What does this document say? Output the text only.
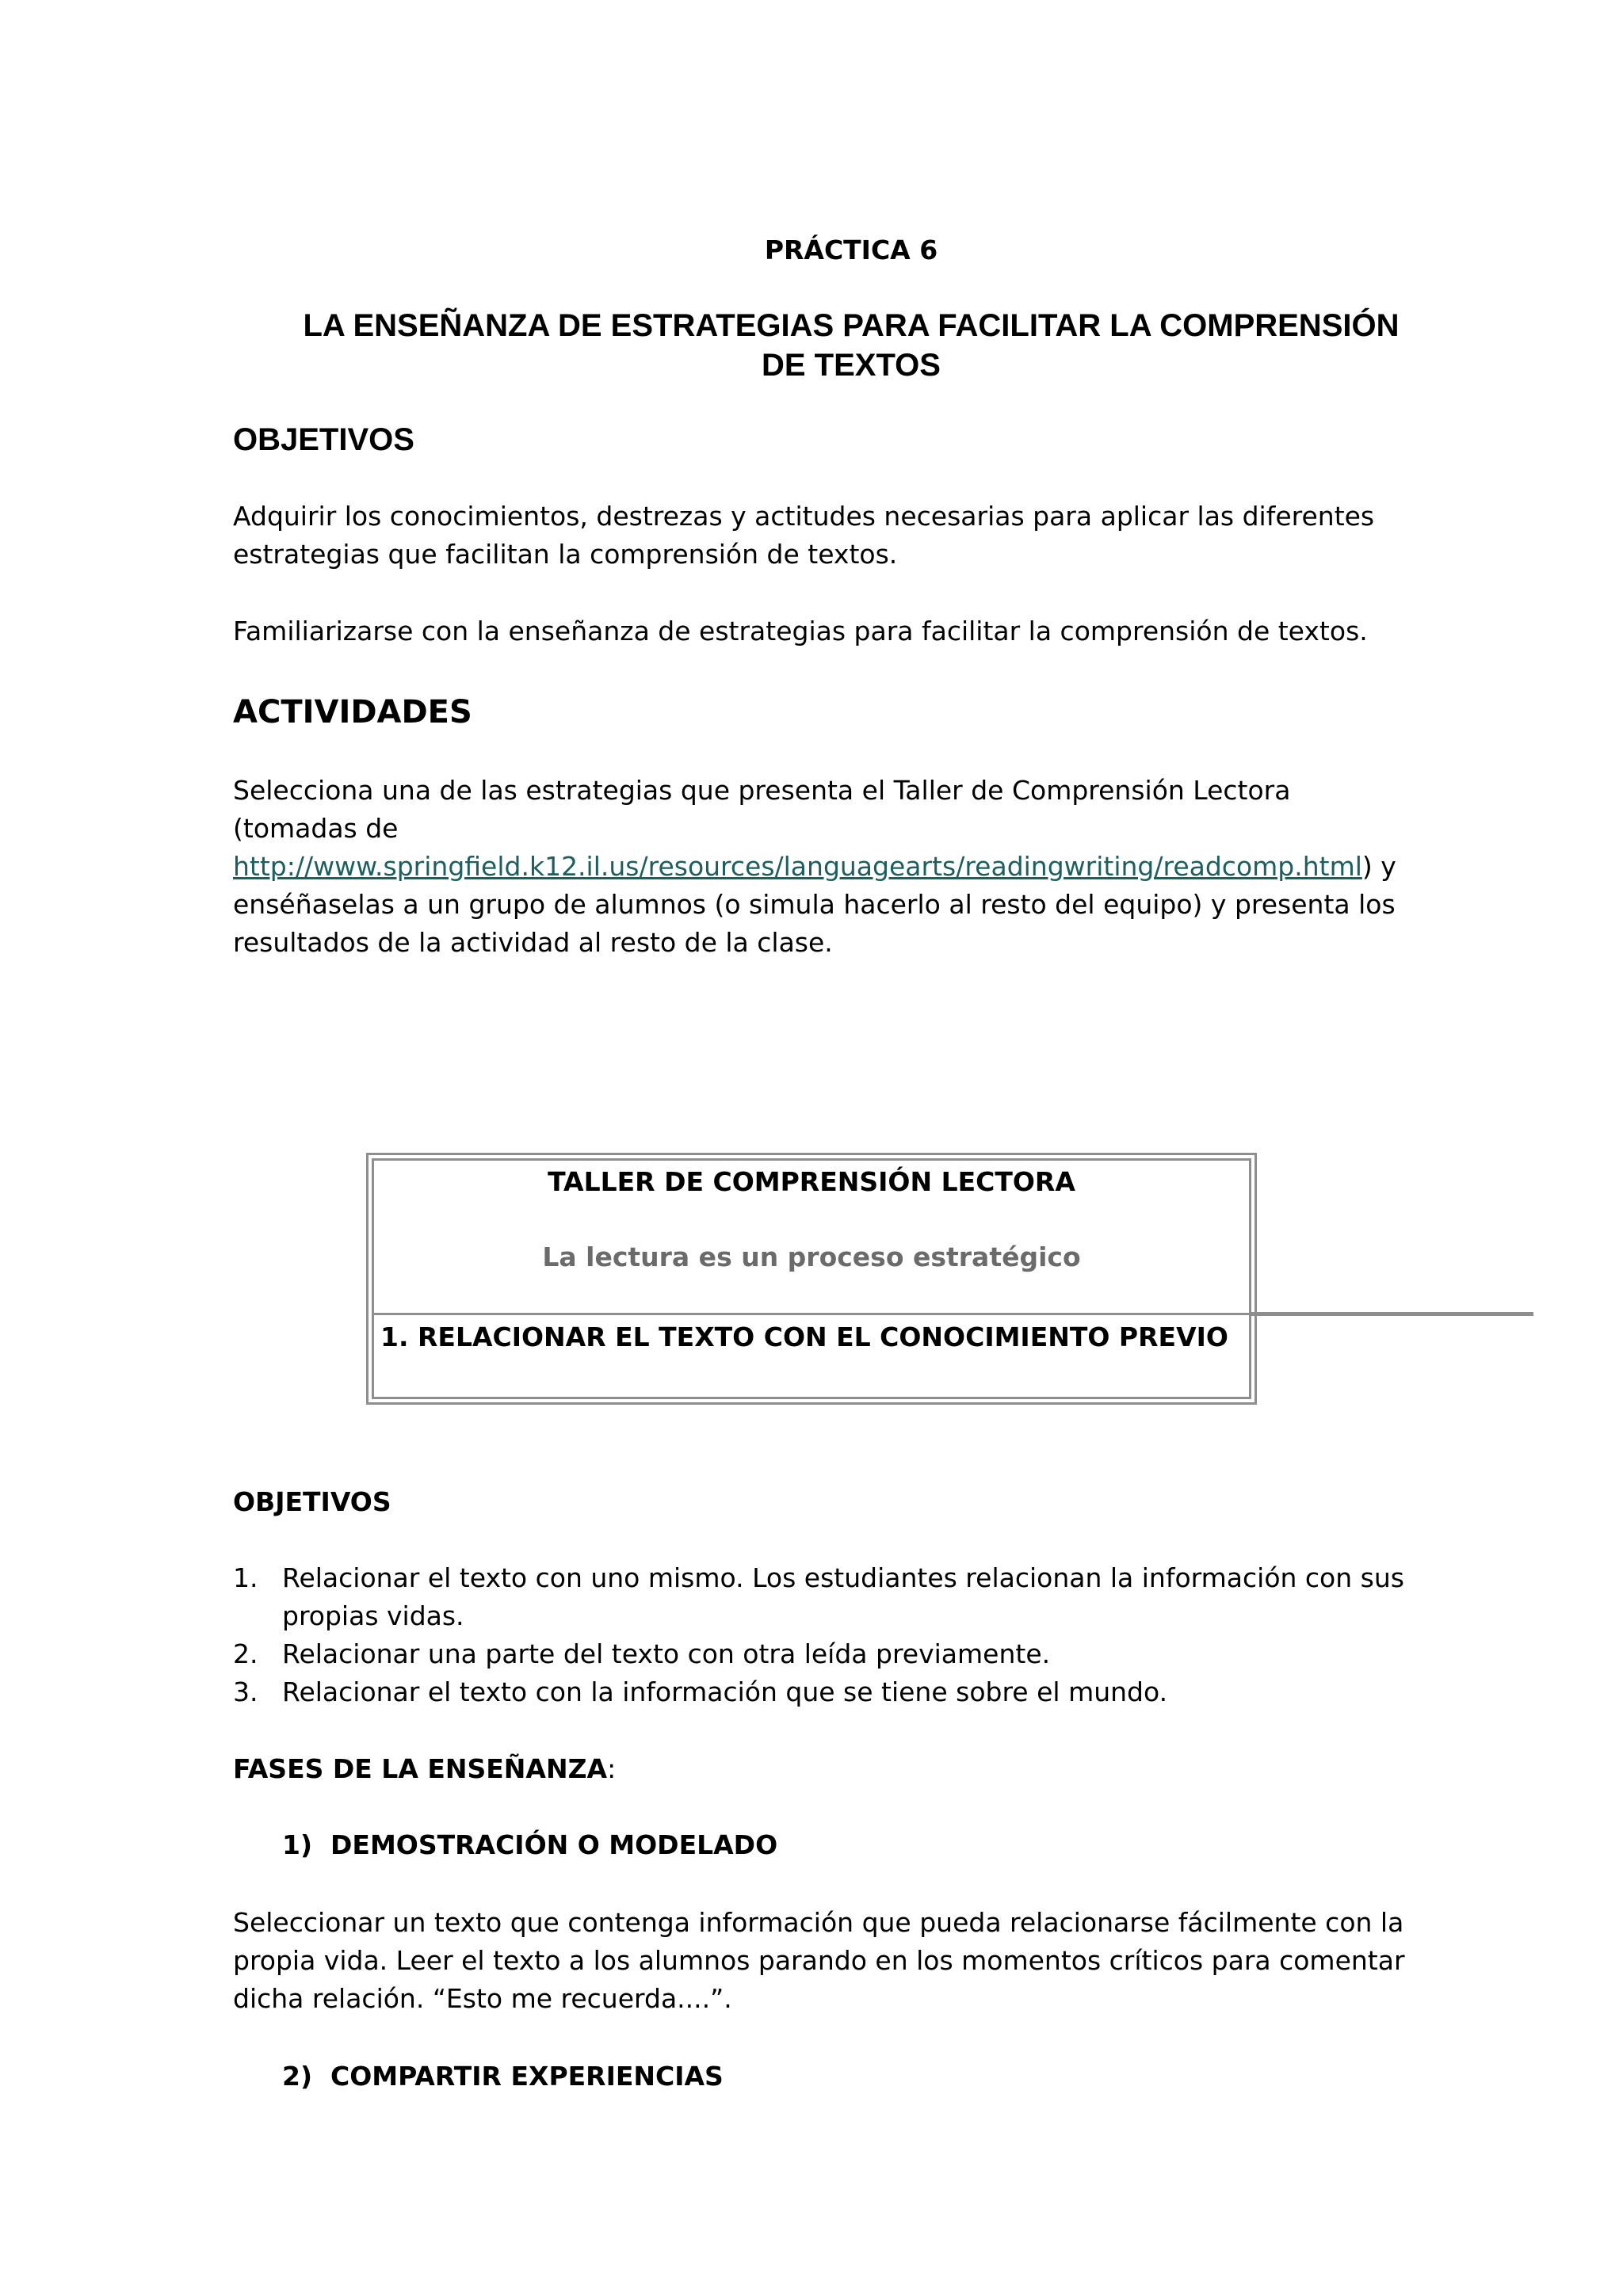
PRÁCTICA 6
LA ENSEÑANZA DE ESTRATEGIAS PARA FACILITAR LA COMPRENSIÓN
DE TEXTOS
OBJETIVOS
Adquirir los conocimientos, destrezas y actitudes necesarias para aplicar las diferentes
estrategias que facilitan la comprensión de textos.
Familiarizarse con la enseñanza de estrategias para facilitar la comprensión de textos.
ACTIVIDADES
Selecciona una de las estrategias que presenta el Taller de Comprensión Lectora
(tomadas de
http://www.springfield.k12.il.us/resources/languagearts/readingwriting/readcomp.html) y
enséñaselas a un grupo de alumnos (o simula hacerlo al resto del equipo) y presenta los
resultados de la actividad al resto de la clase.
TALLER DE COMPRENSIÓN LECTORA
La lectura es un proceso estratégico
1. RELACIONAR EL TEXTO CON EL CONOCIMIENTO PREVIO
OBJETIVOS
1. Relacionar el texto con uno mismo. Los estudiantes relacionan la información con sus
propias vidas.
2. Relacionar una parte del texto con otra leída previamente.
3. Relacionar el texto con la información que se tiene sobre el mundo.
FASES DE LA ENSEÑANZA:
1) DEMOSTRACIÓN O MODELADO
Seleccionar un texto que contenga información que pueda relacionarse fácilmente con la
propia vida. Leer el texto a los alumnos parando en los momentos críticos para comentar
dicha relación. “Esto me recuerda....”.
2) COMPARTIR EXPERIENCIAS
